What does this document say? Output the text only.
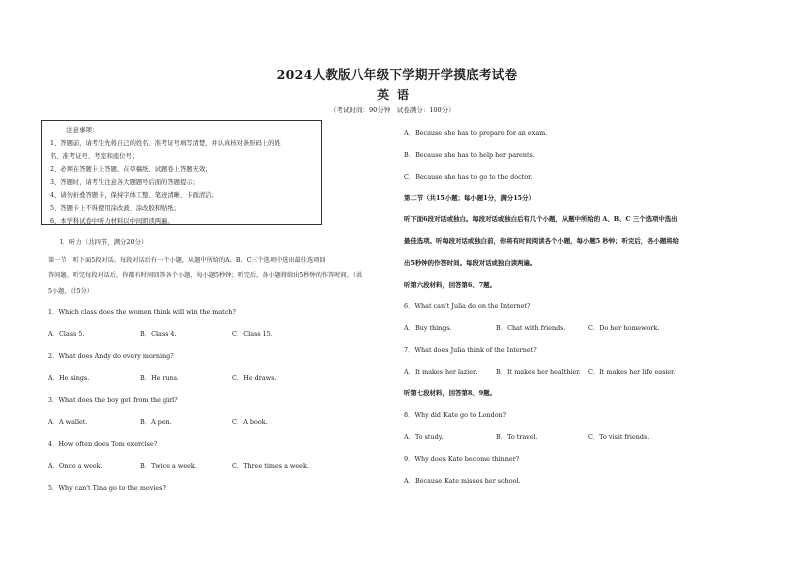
2024人教版八年级下学期开学摸底考试卷
英语
（考试时间：90分钟　试卷满分：100分）
注意事项：
1、答题前，请考生先将自己的姓名、准考证号填写清楚，并认真核对条形码上的姓
名、准考证号、考室和座位号；
2、必须在答题卡上答题，在草稿纸、试题卷上答题无效；
3、答题时，请考生注意各大题题号后面的答题提示；
4、请勿折叠答题卡，保持字体工整、笔迹清晰、卡面清洁；
5、答题卡上不得使用涂改液、涂改胶和贴纸；
6、本学科试卷中听力材料以中间朗读两遍。
I．听力（共四节，满分20分）
第一节　听下面5段对话。每段对话后有一个小题，从题中所给的A、B、C三个选项中选出最佳选项回
答问题。听完每段对话后，你都有时间回答各个小题，每小题5秒钟；听完后，各小题将给出5秒钟的作答时间。（共
5小题，计5分）
1．Which class does the women think will win the match?
A．Class 5.	B．Class 4.	C．Class 15.
2．What does Andy do every morning?
A．He sings.	B．He runs.	C．He draws.
3．What does the boy get from the girl?
A．A wallet.	B．A pen.	C．A book.
4．How often does Tom exercise?
A．Once a week.	B．Twice a week.	C．Three times a week.
5．Why can't Tina go to the movies?
A．Because she has to prepare for an exam.
B．Because she has to help her parents.
C．Because she has to go to the doctor.
第二节（共15小题；每小题1分，满分15分）
听下面6段对话或独白。每段对话或独白后有几个小题，从题中所给的 A、B、C 三个选项中选出
最佳选项。听每段对话或独白前，你将有时间阅读各个小题，每小题5 秒钟；听完后，各小题将给
出5秒钟的作答时间。每段对话或独白读两遍。
听第六段材料，回答第6、7题。
6．What can't Julia do on the Internet?
A．Buy things.	B．Chat with friends.	C．Do her homework.
7．What does Julia think of the Internet?
A．It makes her lazier.	B．It makes her healthier. C．It makes her life easier.
听第七段材料，回答第8、9题。
8．Why did Kate go to London?
A．To study.	B．To travel.	C．To visit friends.
9．Why does Kate become thinner?
A．Because Kate misses her school.
